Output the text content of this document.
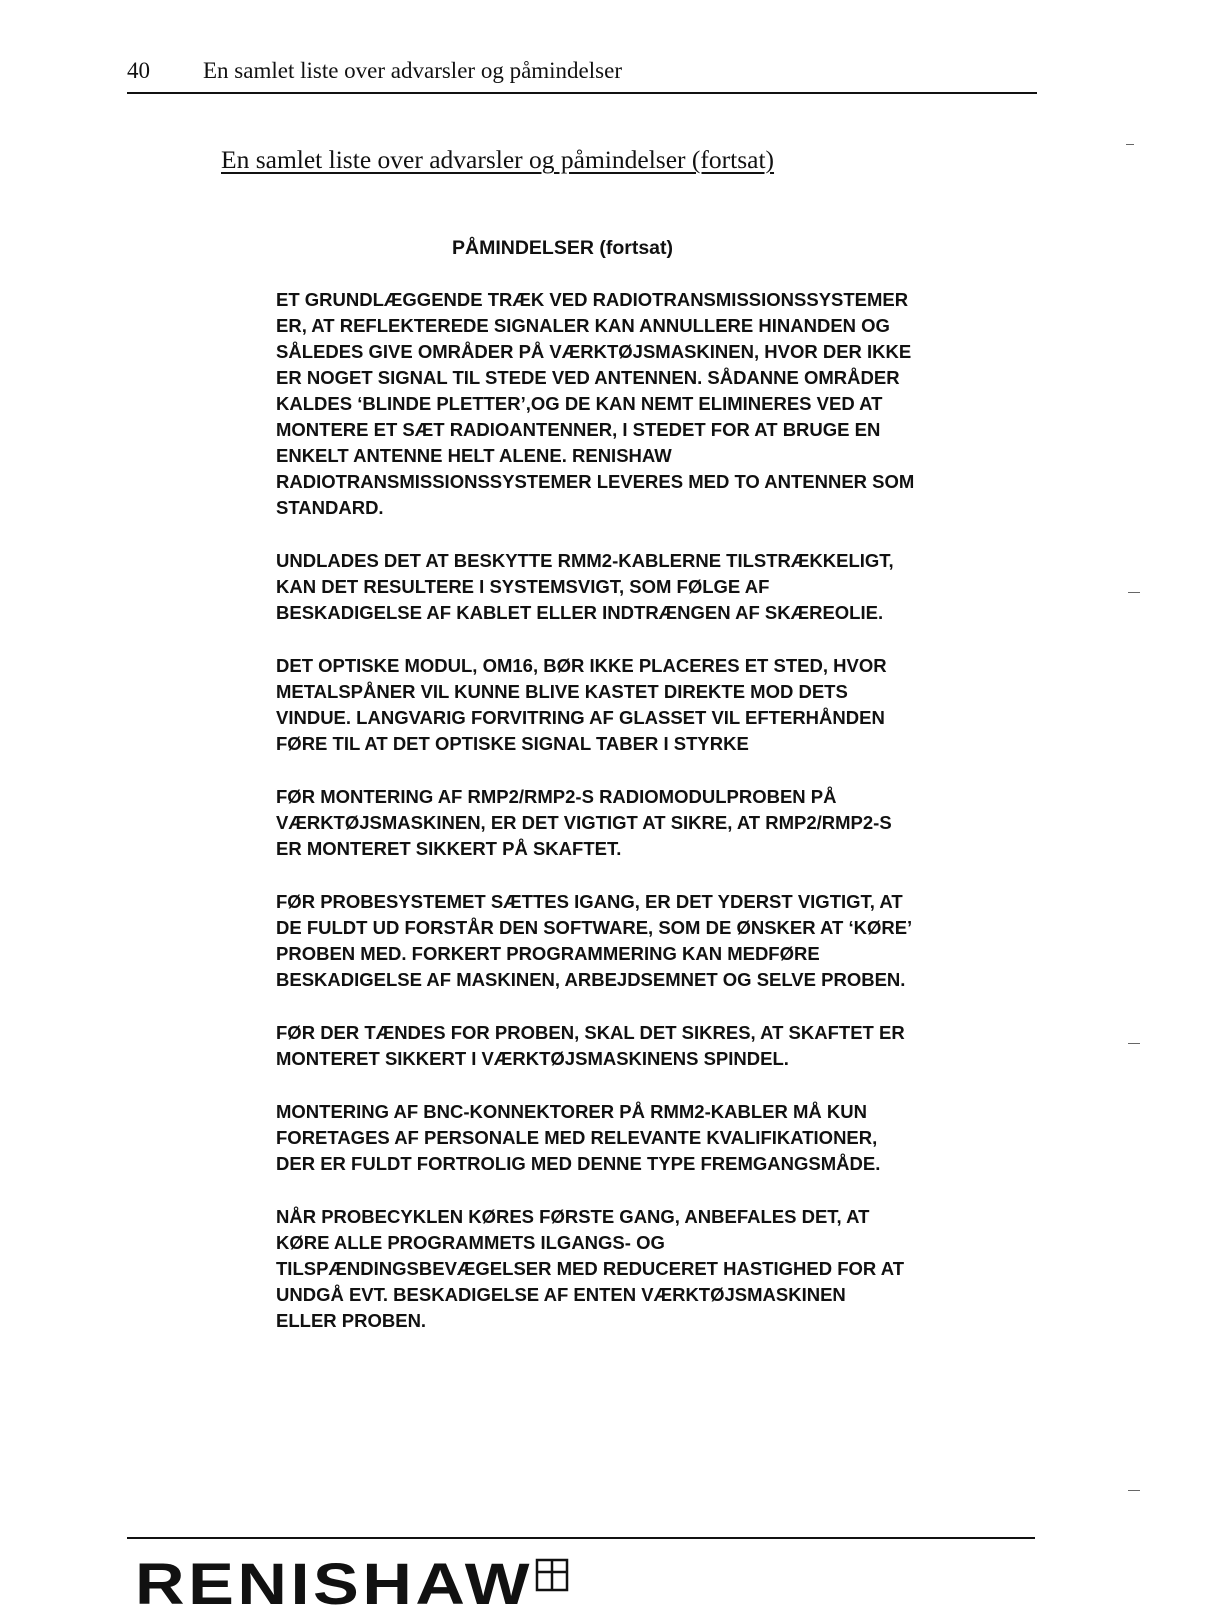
40 En samlet liste over advarsler og påmindelser
En samlet liste over advarsler og påmindelser (fortsat)
PÅMINDELSER (fortsat)
ET GRUNDLÆGGENDE TRÆK VED RADIOTRANSMISSIONSSYSTEMER
ER, AT REFLEKTEREDE SIGNALER KAN ANNULLERE HINANDEN OG
SÅLEDES GIVE OMRÅDER PÅ VÆRKTØJSMASKINEN, HVOR DER IKKE
ER NOGET SIGNAL TIL STEDE VED ANTENNEN. SÅDANNE OMRÅDER
KALDES ‘BLINDE PLETTER’,OG DE KAN NEMT ELIMINERES VED AT
MONTERE ET SÆT RADIOANTENNER, I STEDET FOR AT BRUGE EN
ENKELT ANTENNE HELT ALENE. RENISHAW
RADIOTRANSMISSIONSSYSTEMER LEVERES MED TO ANTENNER SOM
STANDARD.
UNDLADES DET AT BESKYTTE RMM2-KABLERNE TILSTRÆKKELIGT,
KAN DET RESULTERE I SYSTEMSVIGT, SOM FØLGE AF
BESKADIGELSE AF KABLET ELLER INDTRÆNGEN AF SKÆREOLIE.
DET OPTISKE MODUL, OM16, BØR IKKE PLACERES ET STED, HVOR
METALSPÅNER VIL KUNNE BLIVE KASTET DIREKTE MOD DETS
VINDUE. LANGVARIG FORVITRING AF GLASSET VIL EFTERHÅNDEN
FØRE TIL AT DET OPTISKE SIGNAL TABER I STYRKE
FØR MONTERING AF RMP2/RMP2-S RADIOMODULPROBEN PÅ
VÆRKTØJSMASKINEN, ER DET VIGTIGT AT SIKRE, AT RMP2/RMP2-S
ER MONTERET SIKKERT PÅ SKAFTET.
FØR PROBESYSTEMET SÆTTES IGANG, ER DET YDERST VIGTIGT, AT
DE FULDT UD FORSTÅR DEN SOFTWARE, SOM DE ØNSKER AT ‘KØRE’
PROBEN MED. FORKERT PROGRAMMERING KAN MEDFØRE
BESKADIGELSE AF MASKINEN, ARBEJDSEMNET OG SELVE PROBEN.
FØR DER TÆNDES FOR PROBEN, SKAL DET SIKRES, AT SKAFTET ER
MONTERET SIKKERT I VÆRKTØJSMASKINENS SPINDEL.
MONTERING AF BNC-KONNEKTORER PÅ RMM2-KABLER MÅ KUN
FORETAGES AF PERSONALE MED RELEVANTE KVALIFIKATIONER,
DER ER FULDT FORTROLIG MED DENNE TYPE FREMGANGSMÅDE.
NÅR PROBECYKLEN KØRES FØRSTE GANG, ANBEFALES DET, AT
KØRE ALLE PROGRAMMETS ILGANGS- OG
TILSPÆNDINGSBEVÆGELSER MED REDUCERET HASTIGHED FOR AT
UNDGÅ EVT. BESKADIGELSE AF ENTEN VÆRKTØJSMASKINEN
ELLER PROBEN.
RENISHAW
